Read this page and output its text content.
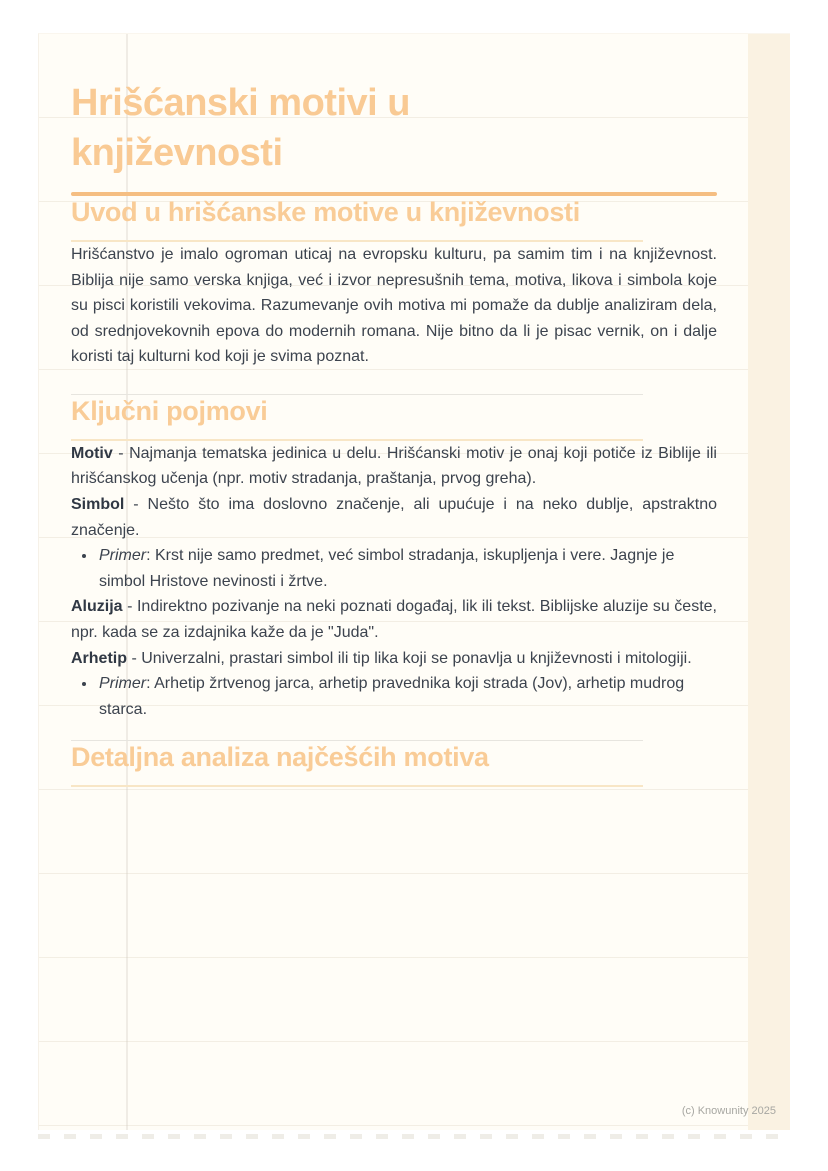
Hrišćanski motivi u književnosti
Uvod u hrišćanske motive u književnosti

Hrišćanstvo je imalo ogroman uticaj na evropsku kulturu, pa samim tim i na književnost. Biblija nije samo verska knjiga, već i izvor nepresušnih tema, motiva, likova i simbola koje su pisci koristili vekovima. Razumevanje ovih motiva mi pomaže da dublje analiziram dela, od srednjovekovnih epova do modernih romana. Nije bitno da li je pisac vernik, on i dalje koristi taj kulturni kod koji je svima poznat.

Ključni pojmovi

Motiv - Najmanja tematska jedinica u delu. Hrišćanski motiv je onaj koji potiče iz Biblije ili hrišćanskog učenja (npr. motiv stradanja, praštanja, prvog greha).

Simbol - Nešto što ima doslovno značenje, ali upućuje i na neko dublje, apstraktno značenje.

• Primer: Krst nije samo predmet, već simbol stradanja, iskupljenja i vere. Jagnje je simbol Hristove nevinosti i žrtve.

Aluzija - Indirektno pozivanje na neki poznati događaj, lik ili tekst. Biblijske aluzije su česte, npr. kada se za izdajnika kaže da je "Juda".

Arhetip - Univerzalni, prastari simbol ili tip lika koji se ponavlja u književnosti i mitologiji.

• Primer: Arhetip žrtvenog jarca, arhetip pravednika koji strada (Jov), arhetip mudrog starca.
Detaljna analiza najčešćih motiva
(c) Knowunity 2025
